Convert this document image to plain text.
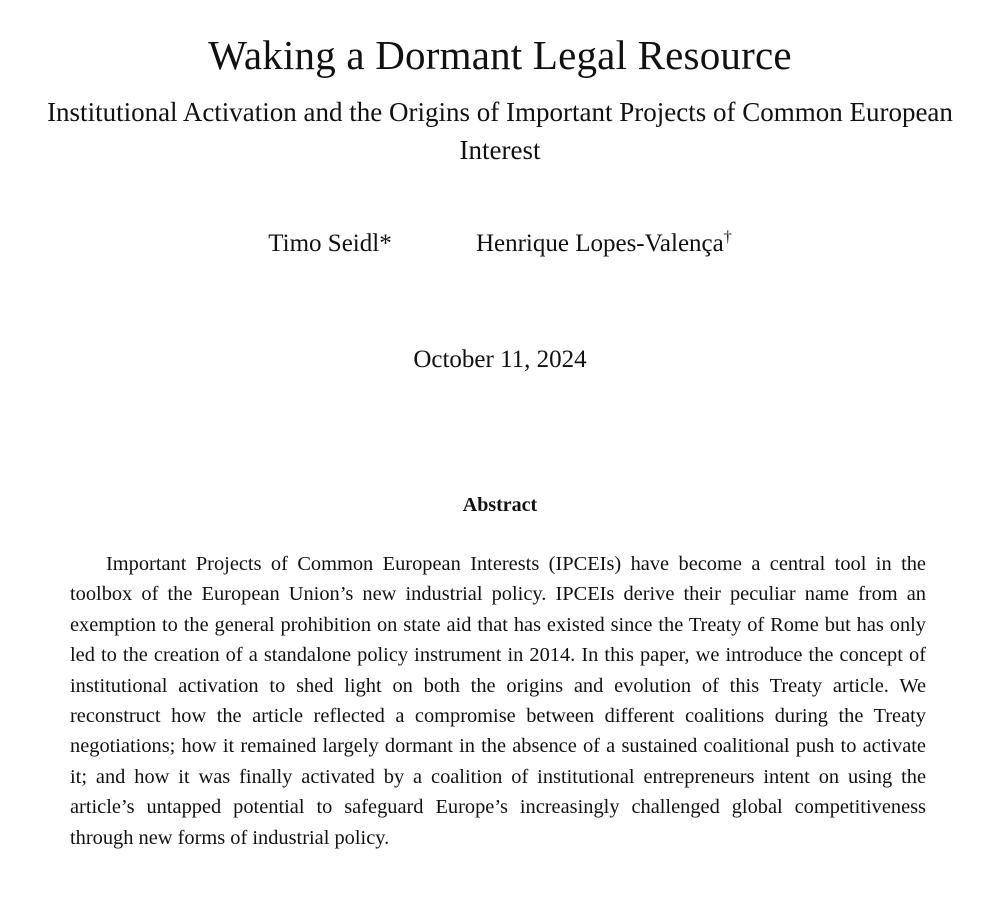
Waking a Dormant Legal Resource
Institutional Activation and the Origins of Important Projects of Common European Interest
Timo Seidl*	Henrique Lopes-Valença†
October 11, 2024
Abstract

Important Projects of Common European Interests (IPCEIs) have become a central tool in the toolbox of the European Union’s new industrial policy. IPCEIs derive their peculiar name from an exemption to the general prohibition on state aid that has existed since the Treaty of Rome but has only led to the creation of a standalone policy instrument in 2014. In this paper, we introduce the concept of institutional activation to shed light on both the origins and evolution of this Treaty article. We reconstruct how the article reflected a compromise between different coalitions during the Treaty negotiations; how it remained largely dormant in the absence of a sustained coalitional push to activate it; and how it was finally activated by a coalition of institutional entrepreneurs intent on using the article’s untapped potential to safeguard Europe’s increasingly challenged global competitiveness through new forms of industrial policy.
